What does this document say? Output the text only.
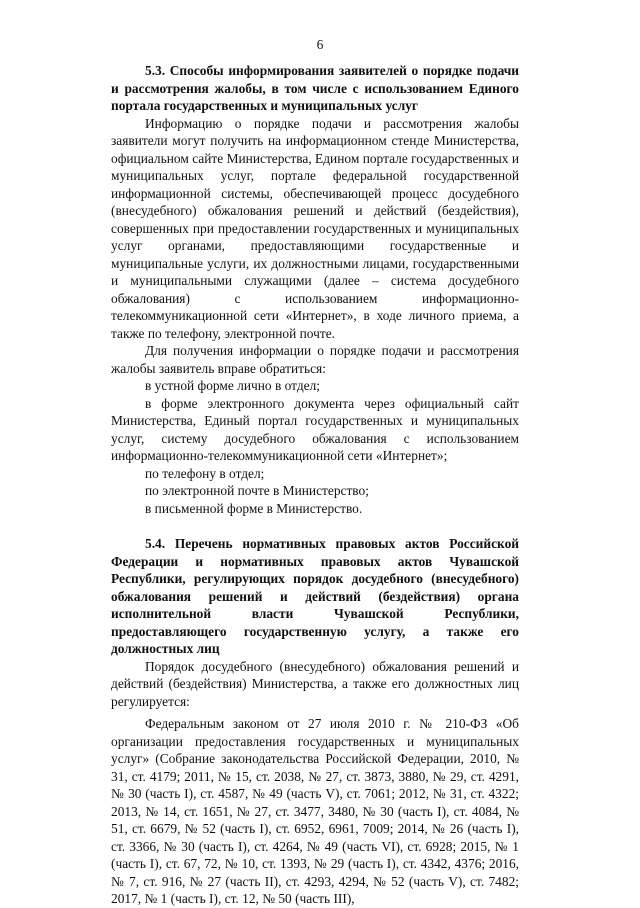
6
5.3. Способы информирования заявителей о порядке подачи и рассмотрения жалобы, в том числе с использованием Единого портала государственных и муниципальных услуг

Информацию о порядке подачи и рассмотрения жалобы заявители могут получить на информационном стенде Министерства, официальном сайте Министерства, Едином портале государственных и муниципальных услуг, портале федеральной государственной информационной системы, обеспечивающей процесс досудебного (внесудебного) обжалования решений и действий (бездействия), совершенных при предоставлении государственных и муниципальных услуг органами, предоставляющими государственные и муниципальные услуги, их должностными лицами, государственными и муниципальными служащими (далее – система досудебного обжалования) с использованием информационно-телекоммуникационной сети «Интернет», в ходе личного приема, а также по телефону, электронной почте.

Для получения информации о порядке подачи и рассмотрения жалобы заявитель вправе обратиться:

в устной форме лично в отдел;

в форме электронного документа через официальный сайт Министерства, Единый портал государственных и муниципальных услуг, систему досудебного обжалования с использованием информационно-телекоммуникационной сети «Интернет»;

по телефону в отдел;

по электронной почте в Министерство;

в письменной форме в Министерство.

5.4. Перечень нормативных правовых актов Российской Федерации и нормативных правовых актов Чувашской Республики, регулирующих порядок досудебного (внесудебного) обжалования решений и действий (бездействия) органа исполнительной власти Чувашской Республики, предоставляющего государственную услугу, а также его должностных лиц

Порядок досудебного (внесудебного) обжалования решений и действий (бездействия) Министерства, а также его должностных лиц регулируется:

Федеральным законом от 27 июля 2010 г. № 210-ФЗ «Об организации предоставления государственных и муниципальных услуг» (Собрание законодательства Российской Федерации, 2010, № 31, ст. 4179; 2011, № 15, ст. 2038, № 27, ст. 3873, 3880, № 29, ст. 4291, № 30 (часть I), ст. 4587, № 49 (часть V), ст. 7061; 2012, № 31, ст. 4322; 2013, № 14, ст. 1651, № 27, ст. 3477, 3480, № 30 (часть I), ст. 4084, № 51, ст. 6679, № 52 (часть I), ст. 6952, 6961, 7009; 2014, № 26 (часть I), ст. 3366, № 30 (часть I), ст. 4264, № 49 (часть VI), ст. 6928; 2015, № 1 (часть I), ст. 67, 72, № 10, ст. 1393, № 29 (часть I), ст. 4342, 4376; 2016, № 7, ст. 916, № 27 (часть II), ст. 4293, 4294, № 52 (часть V), ст. 7482; 2017, № 1 (часть I), ст. 12, № 50 (часть III),
